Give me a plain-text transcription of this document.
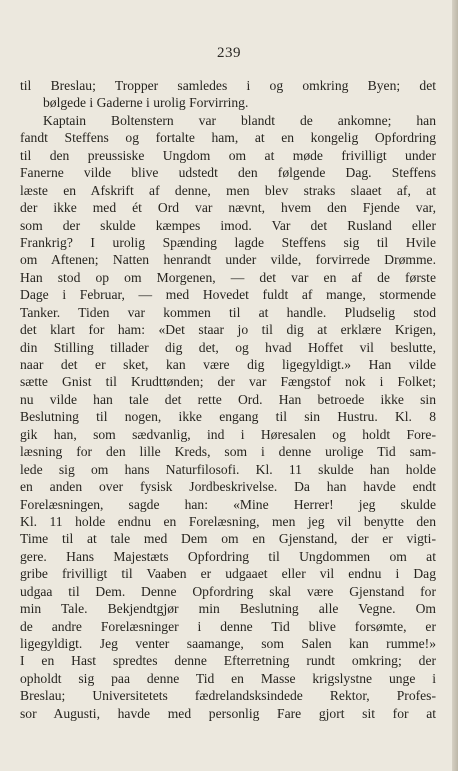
239
til Breslau; Tropper samledes i og omkring Byen; det
bølgede i Gaderne i urolig Forvirring.
Kaptain Boltenstern var blandt de ankomne; han
fandt Steffens og fortalte ham, at en kongelig Opfordring
til den preussiske Ungdom om at møde frivilligt under
Fanerne vilde blive udstedt den følgende Dag. Steffens
læste en Afskrift af denne, men blev straks slaaet af, at
der ikke med ét Ord var nævnt, hvem den Fjende var,
som der skulde kæmpes imod. Var det Rusland eller
Frankrig? I urolig Spænding lagde Steffens sig til Hvile
om Aftenen; Natten henrandt under vilde, forvirrede Drømme.
Han stod op om Morgenen, — det var en af de første
Dage i Februar, — med Hovedet fuldt af mange, stormende
Tanker. Tiden var kommen til at handle. Pludselig stod
det klart for ham: «Det staar jo til dig at erklære Krigen,
din Stilling tillader dig det, og hvad Hoffet vil beslutte,
naar det er sket, kan være dig ligegyldigt.» Han vilde
sætte Gnist til Krudttønden; der var Fængstof nok i Folket;
nu vilde han tale det rette Ord. Han betroede ikke sin
Beslutning til nogen, ikke engang til sin Hustru. Kl. 8
gik han, som sædvanlig, ind i Høresalen og holdt Fore-
læsning for den lille Kreds, som i denne urolige Tid sam-
lede sig om hans Naturfilosofi. Kl. 11 skulde han holde
en anden over fysisk Jordbeskrivelse. Da han havde endt
Forelæsningen, sagde han: «Mine Herrer! jeg skulde
Kl. 11 holde endnu en Forelæsning, men jeg vil benytte den
Time til at tale med Dem om en Gjenstand, der er vigti-
gere. Hans Majestæts Opfordring til Ungdommen om at
gribe frivilligt til Vaaben er udgaaet eller vil endnu i Dag
udgaa til Dem. Denne Opfordring skal være Gjenstand for
min Tale. Bekjendtgjør min Beslutning alle Vegne. Om
de andre Forelæsninger i denne Tid blive forsømte, er
ligegyldigt. Jeg venter saamange, som Salen kan rumme!»
I en Hast spredtes denne Efterretning rundt omkring; der
opholdt sig paa denne Tid en Masse krigslystne unge i
Breslau; Universitetets fædrelandsksindede Rektor, Profes-
sor Augusti, havde med personlig Fare gjort sit for at
